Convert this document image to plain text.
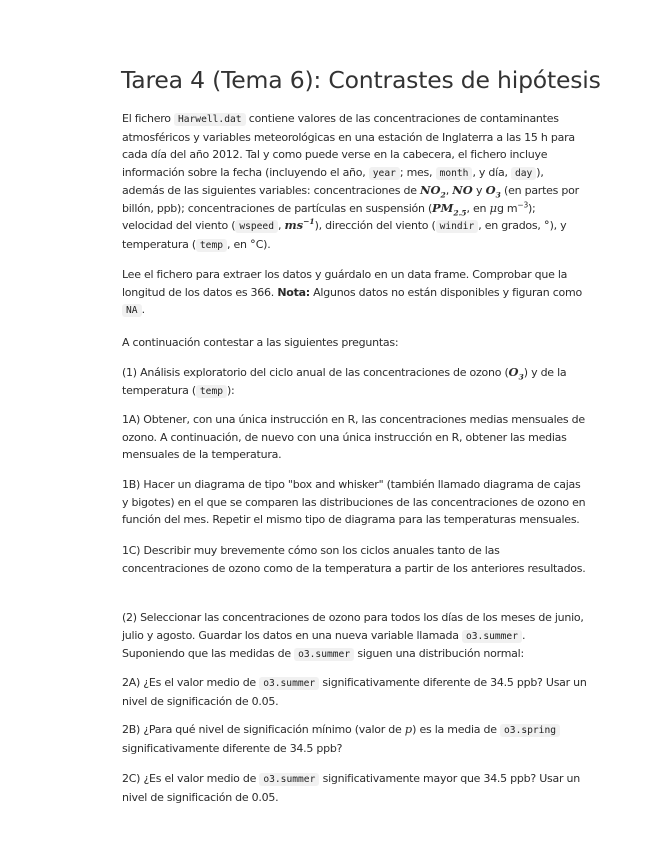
Tarea 4 (Tema 6): Contrastes de hipótesis

El fichero Harwell.dat contiene valores de las concentraciones de contaminantes atmosféricos y variables meteorológicas en una estación de Inglaterra a las 15 h para cada día del año 2012. Tal y como puede verse en la cabecera, el fichero incluye información sobre la fecha (incluyendo el año, year ; mes, month , y día, day ), además de las siguientes variables: concentraciones de $NO_2$, NO y $O_3$ (en partes por billón, ppb); concentraciones de partículas en suspensión ($PM_{2.5}$, en μg $m^{-3}$); velocidad del viento ( wspeed , $ms^{-1}$), dirección del viento ( windir , en grados, °), y temperatura ( temp , en °C).

Lee el fichero para extraer los datos y guárdalo en un data frame. Comprobar que la longitud de los datos es 366. Nota: Algunos datos no están disponibles y figuran como NA .

A continuación contestar a las siguientes preguntas:

(1) Análisis exploratorio del ciclo anual de las concentraciones de ozono $(O_3)$ y de la temperatura ( temp ):

1A) Obtener, con una única instrucción en R, las concentraciones medias mensuales de ozono. A continuación, de nuevo con una única instrucción en R, obtener las medias mensuales de la temperatura.

1B) Hacer un diagrama de tipo "box and whisker" (también llamado diagrama de cajas y bigotes) en el que se comparen las distribuciones de las concentraciones de ozono en función del mes. Repetir el mismo tipo de diagrama para las temperaturas mensuales.

1C) Describir muy brevemente cómo son los ciclos anuales tanto de las concentraciones de ozono como de la temperatura a partir de los anteriores resultados.

(2) Seleccionar las concentraciones de ozono para todos los días de los meses de junio, julio y agosto. Guardar los datos en una nueva variable llamada o3.summer . Suponiendo que las medidas de o3.summer siguen una distribución normal:

2A) ¿Es el valor medio de o3.summer significativamente diferente de 34.5 ppb? Usar un nivel de significación de 0.05.

2B) ¿Para qué nivel de significación mínimo (valor de p) es la media de o3.spring significativamente diferente de 34.5 ppb?

2C) ¿Es el valor medio de o3.summer significativamente mayor que 34.5 ppb? Usar un nivel de significación de 0.05.
